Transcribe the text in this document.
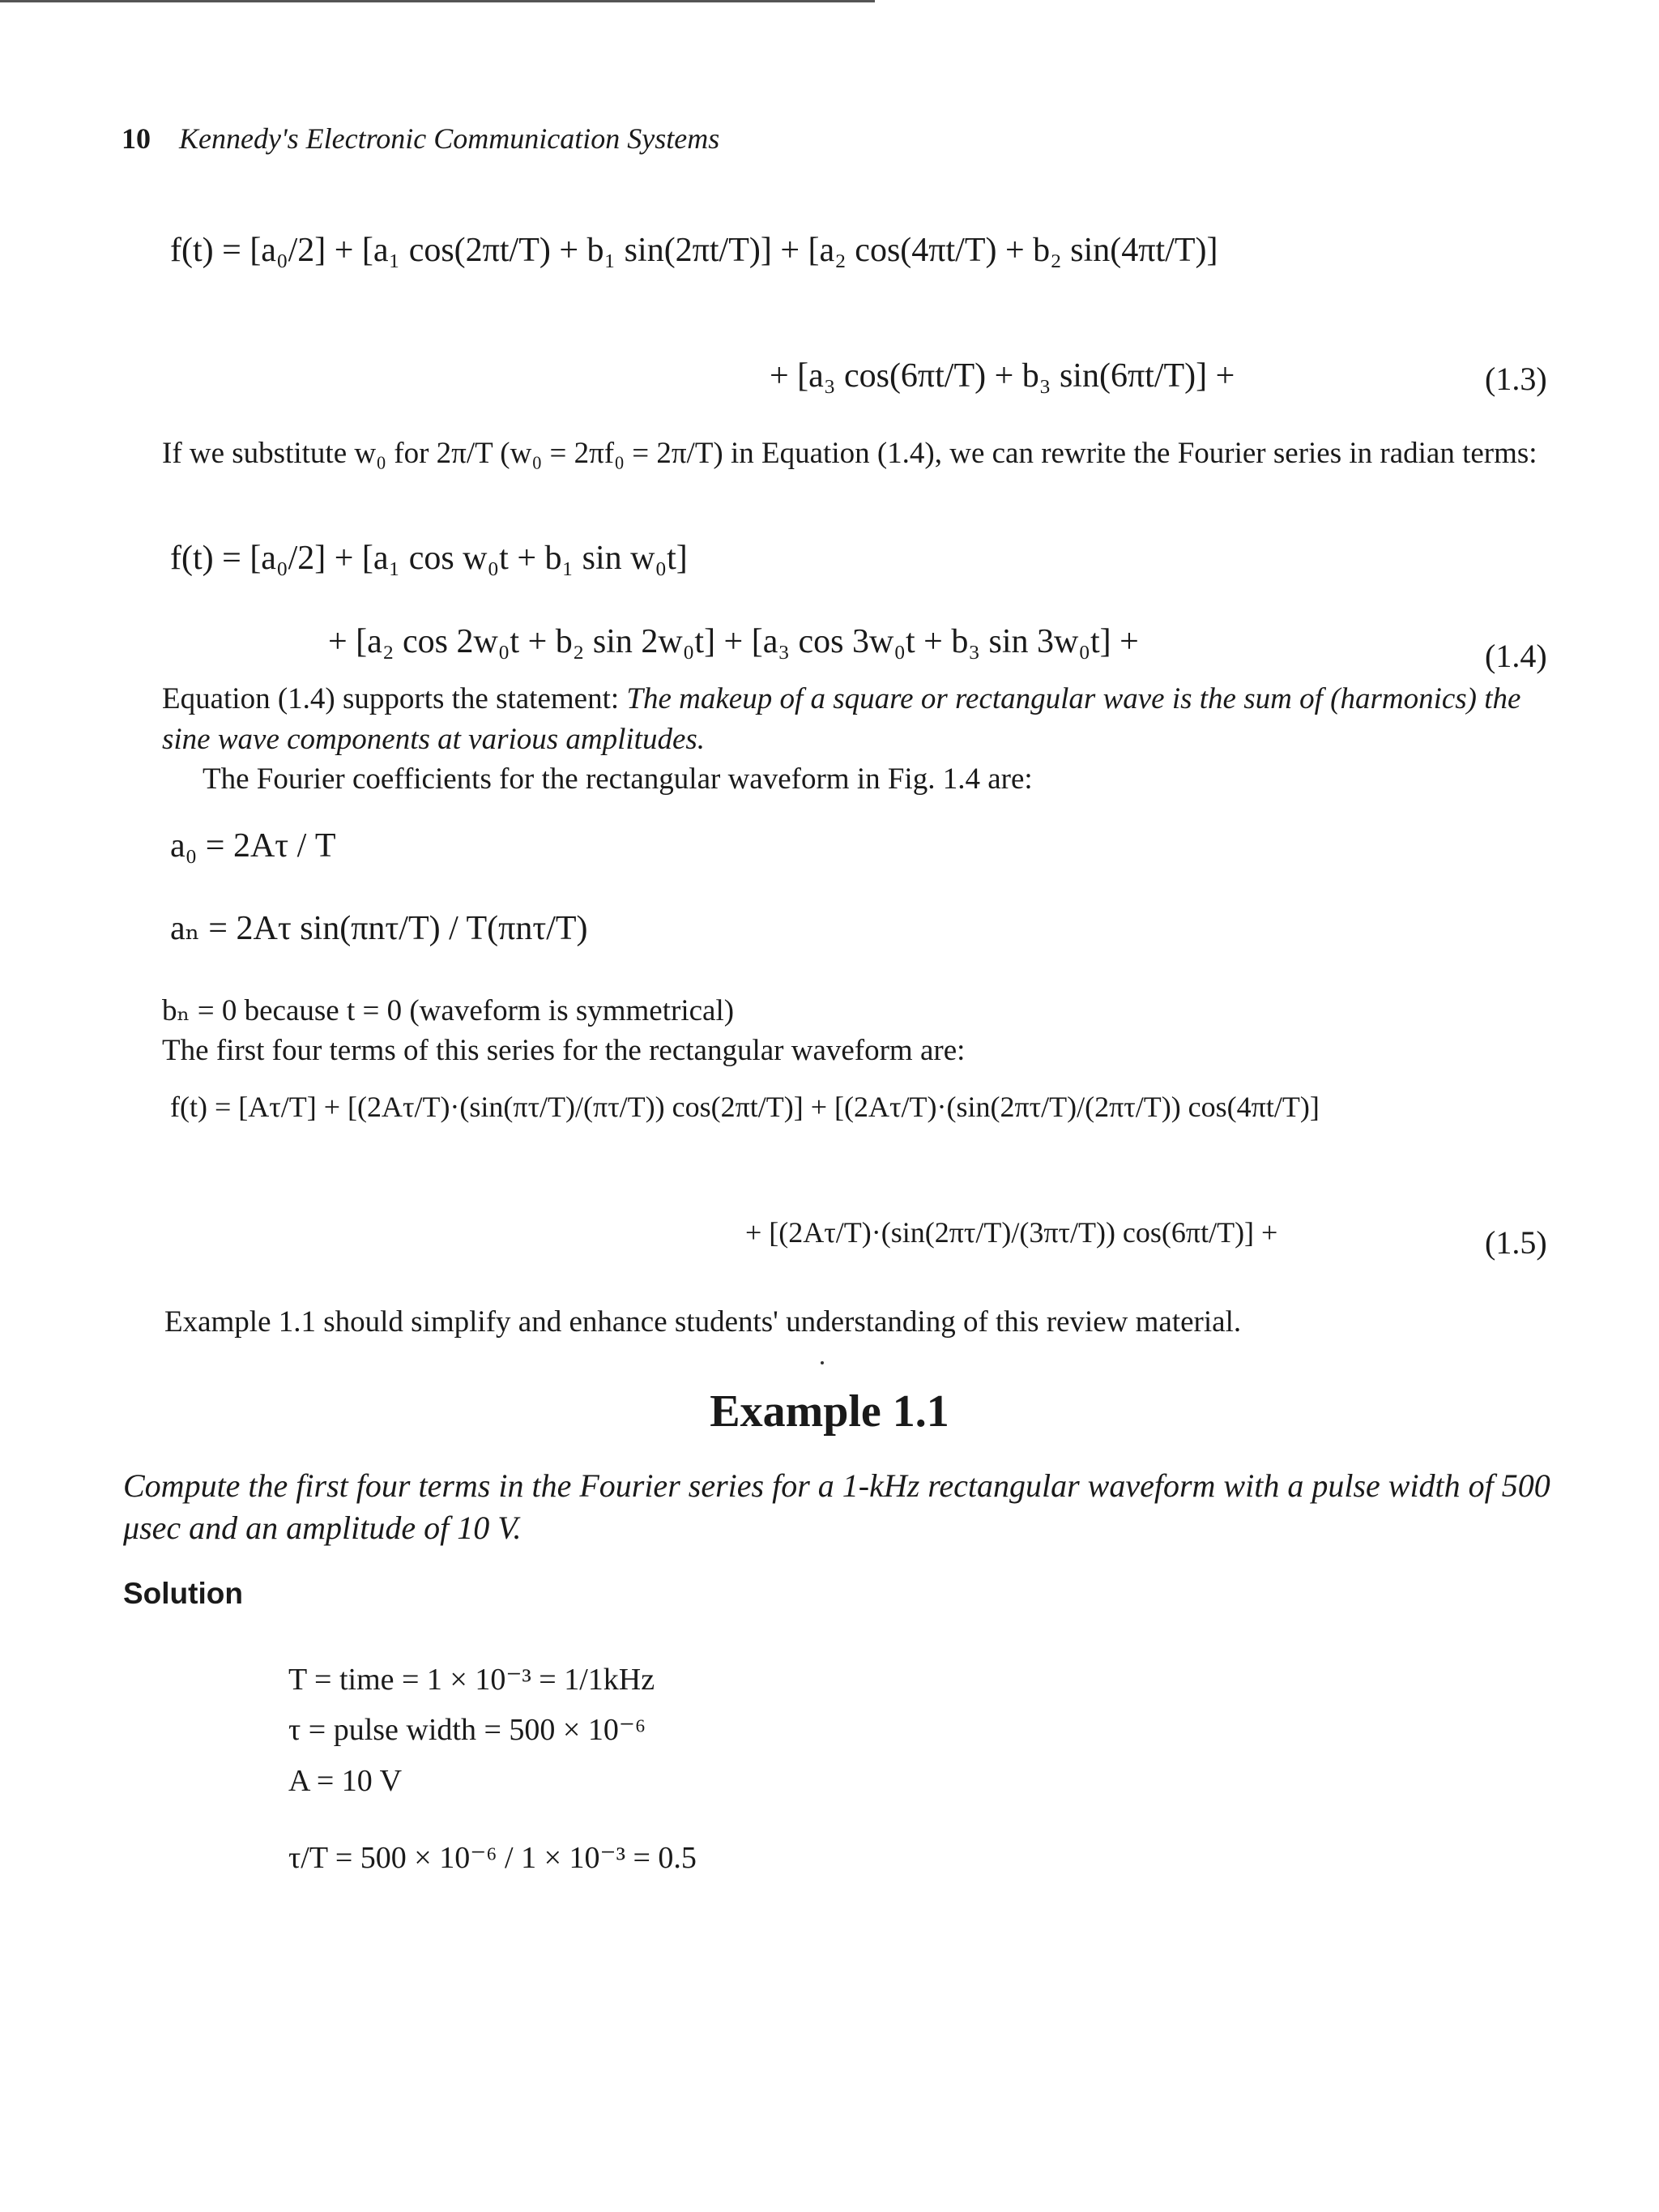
10 Kennedy's Electronic Communication Systems
f(t) = [a₀/2] + [a₁ cos(2πt/T) + b₁ sin(2πt/T)] + [a₂ cos(4πt/T) + b₂ sin(4πt/T)]
+ [a₃ cos(6πt/T) + b₃ sin(6πt/T)] +	(1.3)
If we substitute w₀ for 2π/T (w₀ = 2πf₀ = 2π/T) in Equation (1.4), we can rewrite the Fourier series in radian terms:
f(t) = [a₀/2] + [a₁ cos w₀t + b₁ sin w₀t]
+ [a₂ cos 2w₀t + b₂ sin 2w₀t] + [a₃ cos 3w₀t + b₃ sin 3w₀t] +	(1.4)
Equation (1.4) supports the statement: The makeup of a square or rectangular wave is the sum of (harmonics) the sine wave components at various amplitudes.
The Fourier coefficients for the rectangular waveform in Fig. 1.4 are:
a₀ = 2Aτ / T
aₙ = 2Aτ sin(πnτ/T) / T(πnτ/T)
bₙ = 0 because t = 0 (waveform is symmetrical)
The first four terms of this series for the rectangular waveform are:
f(t) = [Aτ/T] + [(2Aτ/T)·(sin(πτ/T)/(πτ/T)) cos(2πt/T)] + [(2Aτ/T)·(sin(2πτ/T)/(2πτ/T)) cos(4πt/T)]
+ [(2Aτ/T)·(sin(2πτ/T)/(3πτ/T)) cos(6πt/T)] +	(1.5)
Example 1.1 should simplify and enhance students' understanding of this review material.
Example 1.1
Compute the first four terms in the Fourier series for a 1-kHz rectangular waveform with a pulse width of 500 μsec and an amplitude of 10 V.
Solution
T = time = 1 × 10⁻³ = 1/1kHz
τ = pulse width = 500 × 10⁻⁶
A = 10 V
τ/T = 500 × 10⁻⁶ / 1 × 10⁻³ = 0.5
